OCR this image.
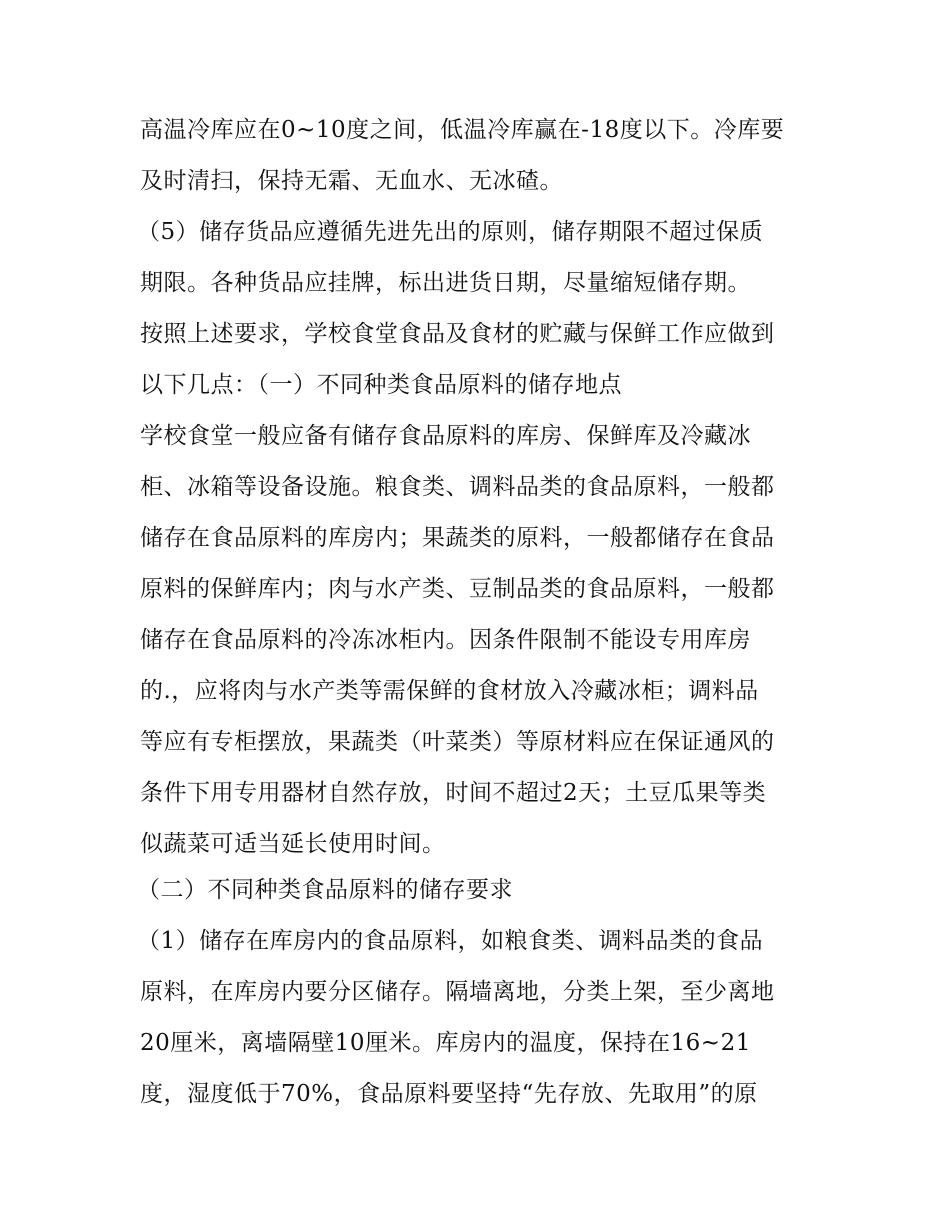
高温冷库应在0~10度之间，低温冷库赢在-18度以下。冷库要
及时清扫，保持无霜、无血水、无冰碴。
（5）储存货品应遵循先进先出的原则，储存期限不超过保质
期限。各种货品应挂牌，标出进货日期，尽量缩短储存期。
按照上述要求，学校食堂食品及食材的贮藏与保鲜工作应做到
以下几点：（一）不同种类食品原料的储存地点
学校食堂一般应备有储存食品原料的库房、保鲜库及冷藏冰
柜、冰箱等设备设施。粮食类、调料品类的食品原料，一般都
储存在食品原料的库房内；果蔬类的原料，一般都储存在食品
原料的保鲜库内；肉与水产类、豆制品类的食品原料，一般都
储存在食品原料的冷冻冰柜内。因条件限制不能设专用库房
的.，应将肉与水产类等需保鲜的食材放入冷藏冰柜；调料品
等应有专柜摆放，果蔬类（叶菜类）等原材料应在保证通风的
条件下用专用器材自然存放，时间不超过2天；土豆瓜果等类
似蔬菜可适当延长使用时间。
（二）不同种类食品原料的储存要求
（1）储存在库房内的食品原料，如粮食类、调料品类的食品
原料，在库房内要分区储存。隔墙离地，分类上架，至少离地
20厘米，离墙隔壁10厘米。库房内的温度，保持在16~21
度，湿度低于70%，食品原料要坚持“先存放、先取用”的原
